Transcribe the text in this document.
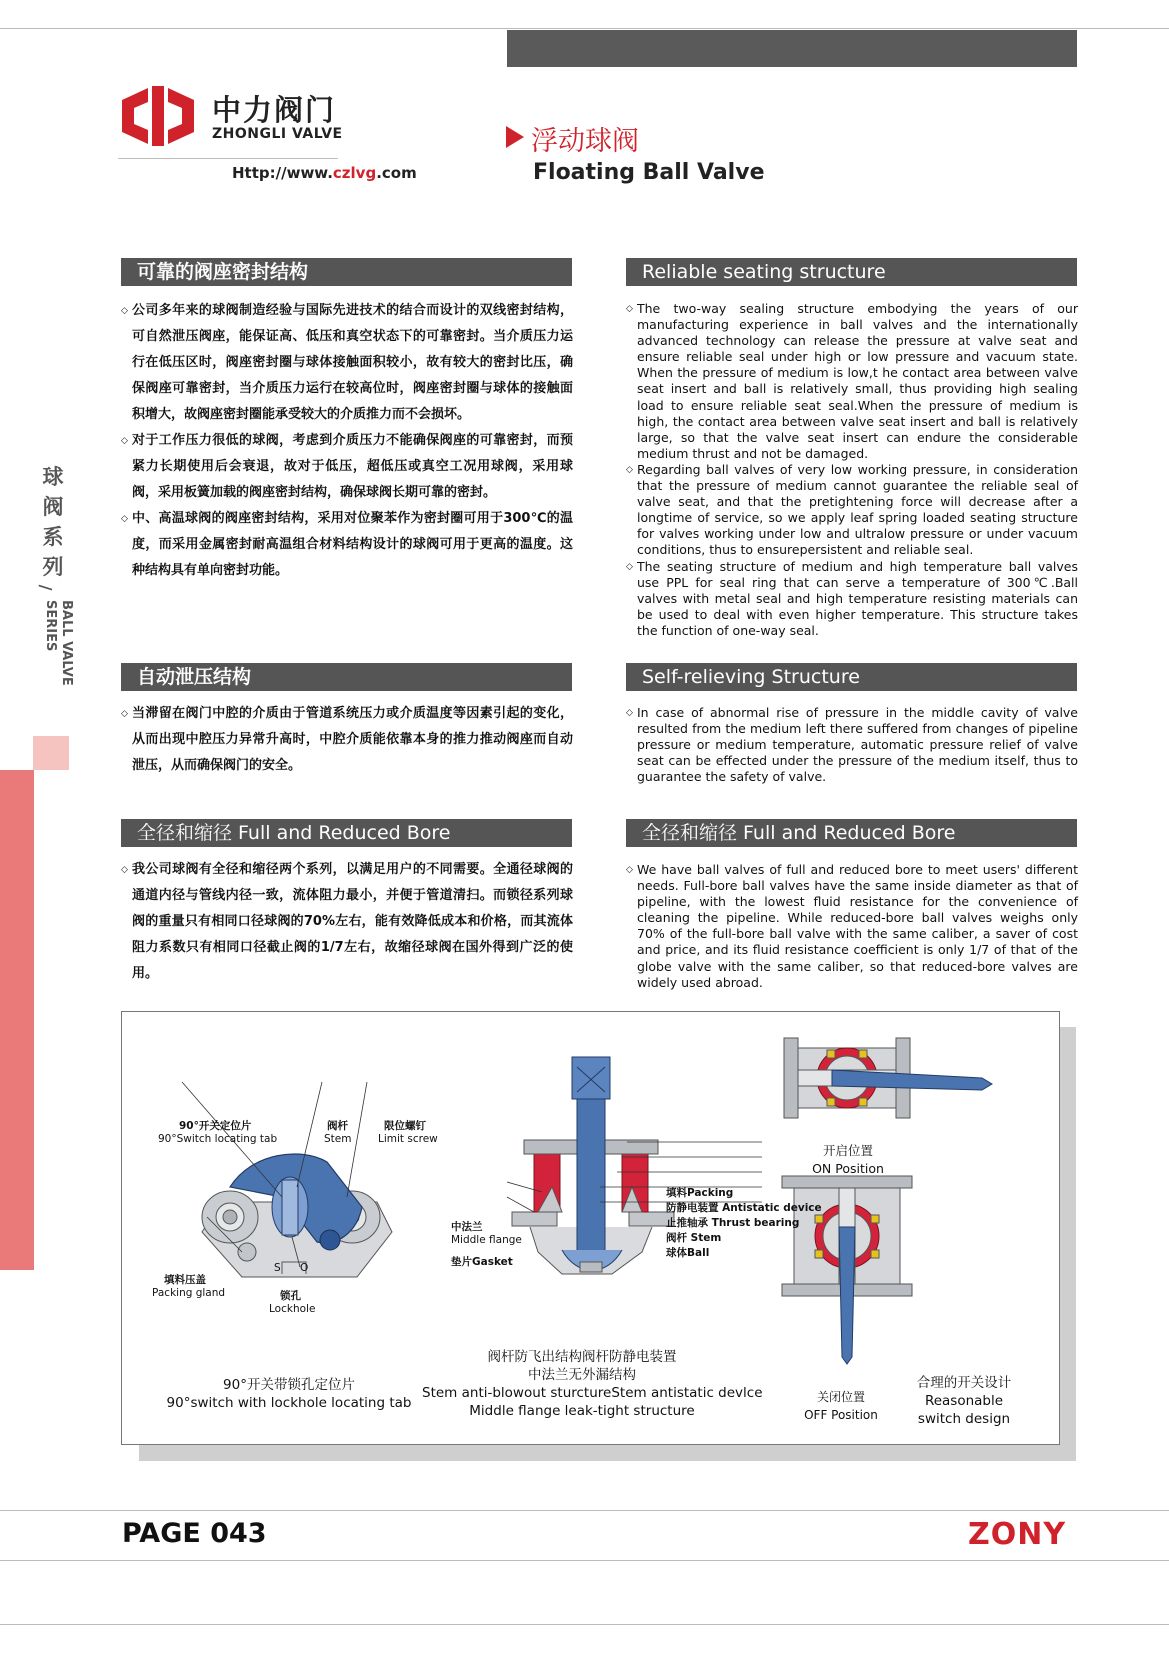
中力阀门
ZHONGLI VALVE
Http://www.czlvg.com
浮动球阀
Floating Ball Valve
球阀系列
/
BALL VALVE SERIES
可靠的阀座密封结构

◇ 公司多年来的球阀制造经验与国际先进技术的结合而设计的双线密封结构，可自然泄压阀座，能保证高、低压和真空状态下的可靠密封。当介质压力运行在低压区时，阀座密封圈与球体接触面积较小，故有较大的密封比压，确保阀座可靠密封，当介质压力运行在较高位时，阀座密封圈与球体的接触面积增大，故阀座密封圈能承受较大的介质推力而不会损坏。

◇ 对于工作压力很低的球阀，考虑到介质压力不能确保阀座的可靠密封，而预紧力长期使用后会衰退，故对于低压，超低压或真空工况用球阀，采用球阀，采用板簧加载的阀座密封结构，确保球阀长期可靠的密封。

◇ 中、高温球阀的阀座密封结构，采用对位聚苯作为密封圈可用于300℃的温度，而采用金属密封耐高温组合材料结构设计的球阀可用于更高的温度。这种结构具有单向密封功能。

Reliable seating structure

◇ The two-way sealing structure embodying the years of our manufacturing experience in ball valves and the internationally advanced technology can release the pressure at valve seat and ensure reliable seal under high or low pressure and vacuum state. When the pressure of medium is low,t he contact area between valve seat insert and ball is relatively small, thus providing high sealing load to ensure reliable seat seal.When the pressure of medium is high, the contact area between valve seat insert and ball is relatively large, so that the valve seat insert can endure the considerable medium thrust and not be damaged.

◇ Regarding ball valves of very low working pressure, in consideration that the pressure of medium cannot guarantee the reliable seal of valve seat, and that the pretightening force will decrease after a longtime of service, so we apply leaf spring loaded seating structure for valves working under low and ultralow pressure or under vacuum conditions, thus to ensurepersistent and reliable seal.

◇ The seating structure of medium and high temperature ball valves use PPL for seal ring that can serve a temperature of 300℃.Ball valves with metal seal and high temperature resisting materials can be used to deal with even higher temperature. This structure takes the function of one-way seal.

自动泄压结构

◇ 当滞留在阀门中腔的介质由于管道系统压力或介质温度等因素引起的变化，从而出现中腔压力异常升高时，中腔介质能依靠本身的推力推动阀座而自动泄压，从而确保阀门的安全。

Self-relieving Structure

◇ In case of abnormal rise of pressure in the middle cavity of valve resulted from the medium left there suffered from changes of pipeline pressure or medium temperature, automatic pressure relief of valve seat can be effected under the pressure of the medium itself, thus to guarantee the safety of valve.

全径和缩径 Full and Reduced Bore

◇ 我公司球阀有全径和缩径两个系列，以满足用户的不同需要。全通径球阀的通道内径与管线内径一致，流体阻力最小，并便于管道清扫。而锁径系列球阀的重量只有相同口径球阀的70%左右，能有效降低成本和价格，而其流体阻力系数只有相同口径截止阀的1/7左右，故缩径球阀在国外得到广泛的使用。

全径和缩径 Full and Reduced Bore

◇ We have ball valves of full and reduced bore to meet users' different needs. Full-bore ball valves have the same inside diameter as that of pipeline, with the lowest fluid resistance for the convenience of cleaning the pipeline. While reduced-bore ball valves weighs only 70% of the full-bore ball valve with the same caliber, a saver of cost and price, and its fluid resistance coefficient is only 1/7 of that of the globe valve with the same caliber, so that reduced-bore valves are widely used abroad.

90°开关定位片
90°Switch locating tab
阀杆
Stem
限位螺钉
Limit screw
填料压盖
Packing gland	锁孔
Lockhole
S O
90°开关带锁孔定位片
90°switch with lockhole locating tab
中法兰
Middle flange
垫片Gasket
填料Packing
防静电装置 Antistatic device
止推轴承 Thrust bearing
阀杆 Stem
球体Ball
阀杆防飞出结构阀杆防静电装置
中法兰无外漏结构
Stem anti-blowout sturctureStem antistatic devlce
Middle flange leak-tight structure
开启位置
ON Position
关闭位置
OFF Position
合理的开关设计
Reasonable
switch design
PAGE 043	ZONY
